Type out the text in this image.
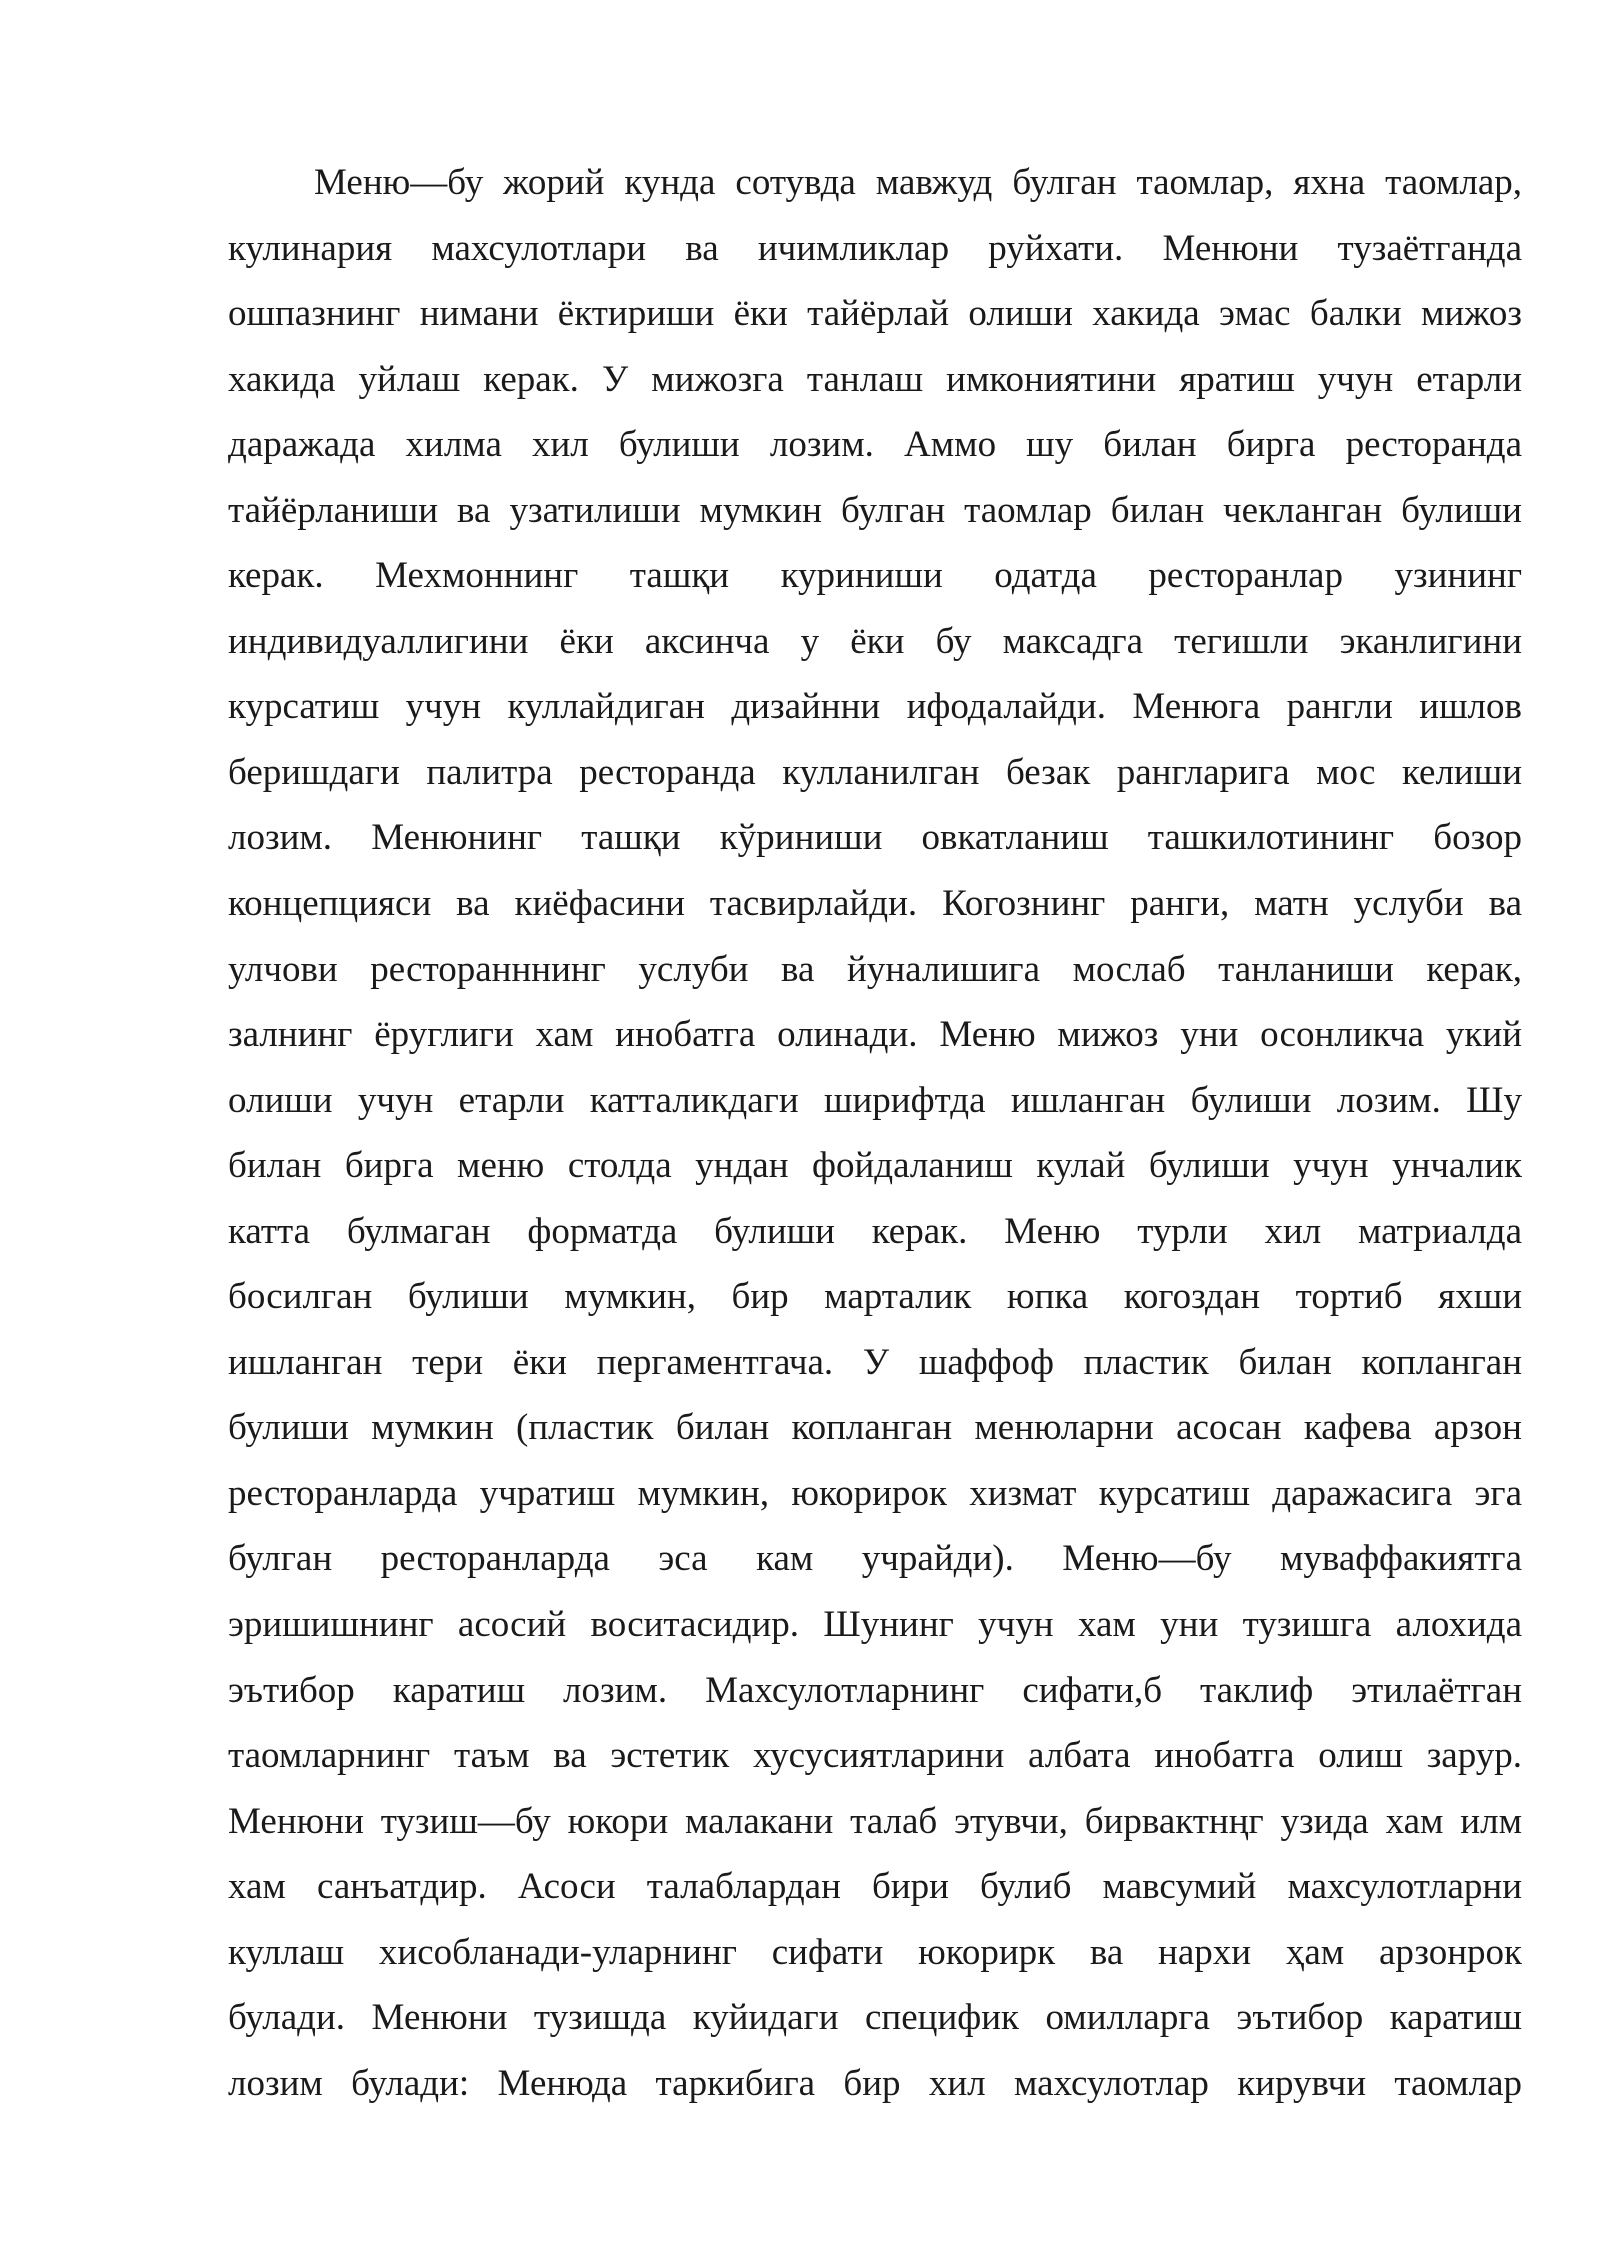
Меню—бу жорий кунда сотувда мавжуд булган таомлар, яхна таомлар,
кулинария махсулотлари ва ичимликлар руйхати. Менюни тузаётганда
ошпазнинг нимани ёктириши ёки тайёрлай олиши хакида эмас балки мижоз
хакида уйлаш керак. У мижозга танлаш имкониятини яратиш учун етарли
даражада хилма хил булиши лозим. Аммо шу билан бирга ресторанда
тайёрланиши ва узатилиши мумкин булган таомлар билан чекланган булиши
керак. Мехмоннинг ташқи куриниши одатда ресторанлар узининг
индивидуаллигини ёки аксинча у ёки бу максадга тегишли эканлигини
курсатиш учун куллайдиган дизайнни ифодалайди. Менюга рангли ишлов
беришдаги палитра ресторанда кулланилган безак рангларига мос келиши
лозим. Менюнинг ташқи кўриниши овкатланиш ташкилотининг бозор
концепцияси ва киёфасини тасвирлайди. Когознинг ранги, матн услуби ва
улчови ресторанннинг услуби ва йуналишига мослаб танланиши керак,
залнинг ёруглиги хам инобатга олинади. Меню мижоз уни осонликча укий
олиши учун етарли катталикдаги ширифтда ишланган булиши лозим. Шу
билан бирга меню столда ундан фойдаланиш кулай булиши учун унчалик
катта булмаган форматда булиши керак. Меню турли хил матриалда
босилган булиши мумкин, бир марталик юпка когоздан тортиб яхши
ишланган тери ёки пергаментгача. У шаффоф пластик билан копланган
булиши мумкин (пластик билан копланган менюларни асосан кафева арзон
ресторанларда учратиш мумкин, юкорирок хизмат курсатиш даражасига эга
булган ресторанларда эса кам учрайди). Меню—бу муваффакиятга
эришишнинг асосий воситасидир. Шунинг учун хам уни тузишга алохида
эътибор каратиш лозим. Махсулотларнинг сифати,б таклиф этилаётган
таомларнинг таъм ва эстетик хусусиятларини албата инобатга олиш зарур.
Менюни тузиш—бу юкори малакани талаб этувчи, бирвактнңг узида хам илм
хам санъатдир. Асоси талаблардан бири булиб мавсумий махсулотларни
куллаш хисобланади-уларнинг сифати юкорирк ва нархи ҳам арзонрок
булади. Менюни тузишда куйидаги специфик омилларга эътибор каратиш
лозим булади: Менюда таркибига бир хил махсулотлар кирувчи таомлар
